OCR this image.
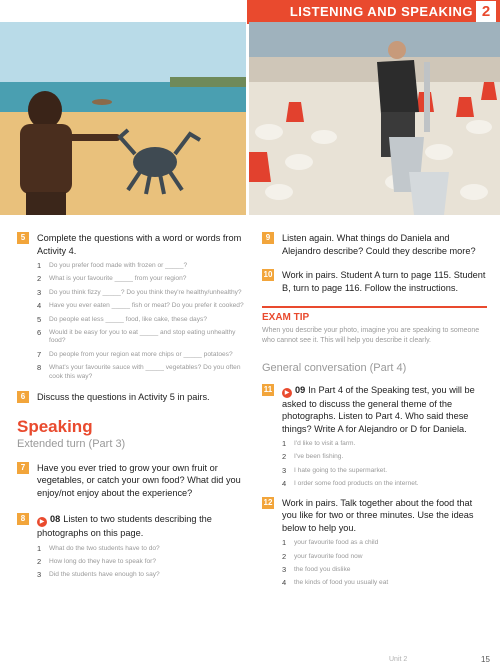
LISTENING AND SPEAKING 2
5	Complete the questions with a word or words from Activity 4.
1 Do you prefer food made with frozen or _____?
2 What is your favourite _____ from your region?
3 Do you think fizzy _____? Do you think they're healthy/unhealthy?
4 Have you ever eaten _____ fish or meat? Do you prefer it cooked?
5 Do people eat less _____ food, like cake, these days?
6 Would it be easy for you to eat _____ and stop eating unhealthy food?
7 Do people from your region eat more chips or _____ potatoes?
8 What's your favourite sauce with _____ vegetables? Do you often cook this way?
6	Discuss the questions in Activity 5 in pairs.
Speaking
Extended turn (Part 3)
7	Have you ever tried to grow your own fruit or vegetables, or catch your own food? What did you enjoy/not enjoy about the experience?
8	▶ 08 Listen to two students describing the photographs on this page.
1 What do the two students have to do?
2 How long do they have to speak for?
3 Did the students have enough to say?
9	Listen again. What things do Daniela and Alejandro describe? Could they describe more?
10 Work in pairs. Student A turn to page 115. Student B, turn to page 116. Follow the instructions.
EXAM TIP
When you describe your photo, imagine you are speaking to someone who cannot see it. This will help you describe it clearly.
General conversation (Part 4)
11 ▶ 09 In Part 4 of the Speaking test, you will be asked to discuss the general theme of the photographs. Listen to Part 4. Who said these things? Write A for Alejandro or D for Daniela.
1 I'd like to visit a farm.
2 I've been fishing.
3 I hate going to the supermarket.
4 I order some food products on the internet.
12 Work in pairs. Talk together about the food that you like for two or three minutes. Use the ideas below to help you.
1 your favourite food as a child
2 your favourite food now
3 the food you dislike
4 the kinds of food you usually eat
Unit 2	15
